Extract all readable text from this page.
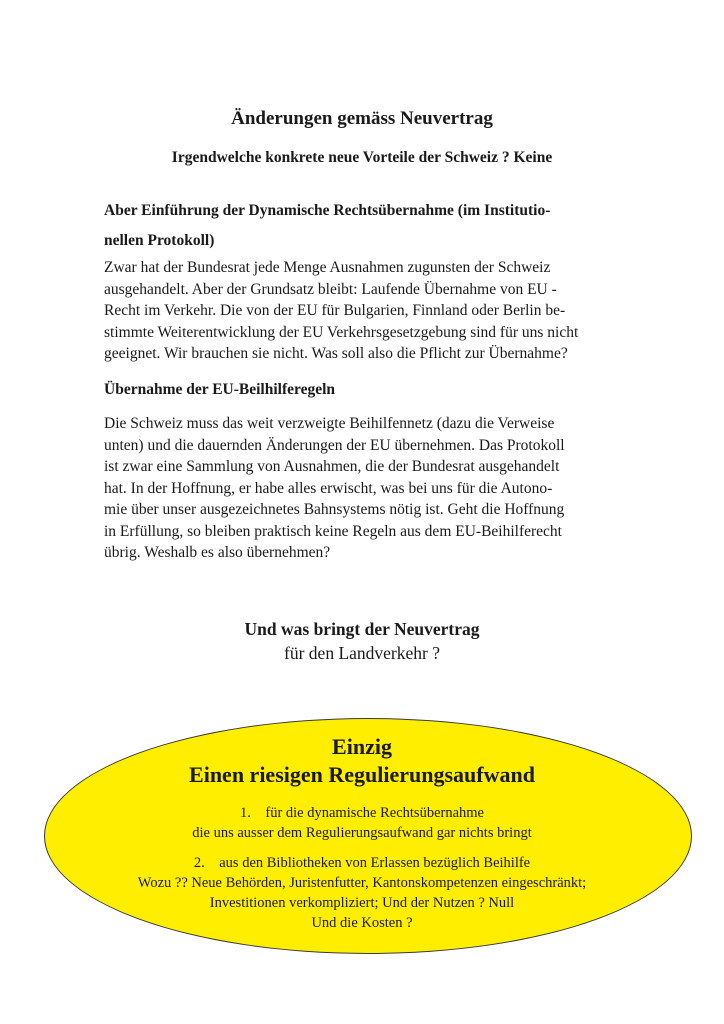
Änderungen gemäss Neuvertrag
Irgendwelche konkrete neue Vorteile der Schweiz ? Keine
Aber Einführung der Dynamische Rechtsübernahme (im Institutio-
nellen Protokoll)

Zwar hat der Bundesrat jede Menge Ausnahmen zugunsten der Schweiz
ausgehandelt. Aber der Grundsatz bleibt: Laufende Übernahme von EU -
Recht im Verkehr. Die von der EU für Bulgarien, Finnland oder Berlin be-
stimmte Weiterentwicklung der EU Verkehrsgesetzgebung sind für uns nicht
geeignet. Wir brauchen sie nicht. Was soll also die Pflicht zur Übernahme?

Übernahme der EU-Beilhilferegeln

Die Schweiz muss das weit verzweigte Beihilfennetz (dazu die Verweise
unten) und die dauernden Änderungen der EU übernehmen. Das Protokoll
ist zwar eine Sammlung von Ausnahmen, die der Bundesrat ausgehandelt
hat. In der Hoffnung, er habe alles erwischt, was bei uns für die Autono-
mie über unser ausgezeichnetes Bahnsystems nötig ist. Geht die Hoffnung
in Erfüllung, so bleiben praktisch keine Regeln aus dem EU-Beihilferecht
übrig. Weshalb es also übernehmen?

Und was bringt der Neuvertrag
für den Landverkehr ?
Einzig
Einen riesigen Regulierungsaufwand
1.    für die dynamische Rechtsübernahme
die uns ausser dem Regulierungsaufwand gar nichts bringt
2.    aus den Bibliotheken von Erlassen bezüglich Beihilfe
Wozu ?? Neue Behörden, Juristenfutter, Kantonskompetenzen eingeschränkt;
Investitionen verkompliziert; Und der Nutzen ? Null
Und die Kosten ?
